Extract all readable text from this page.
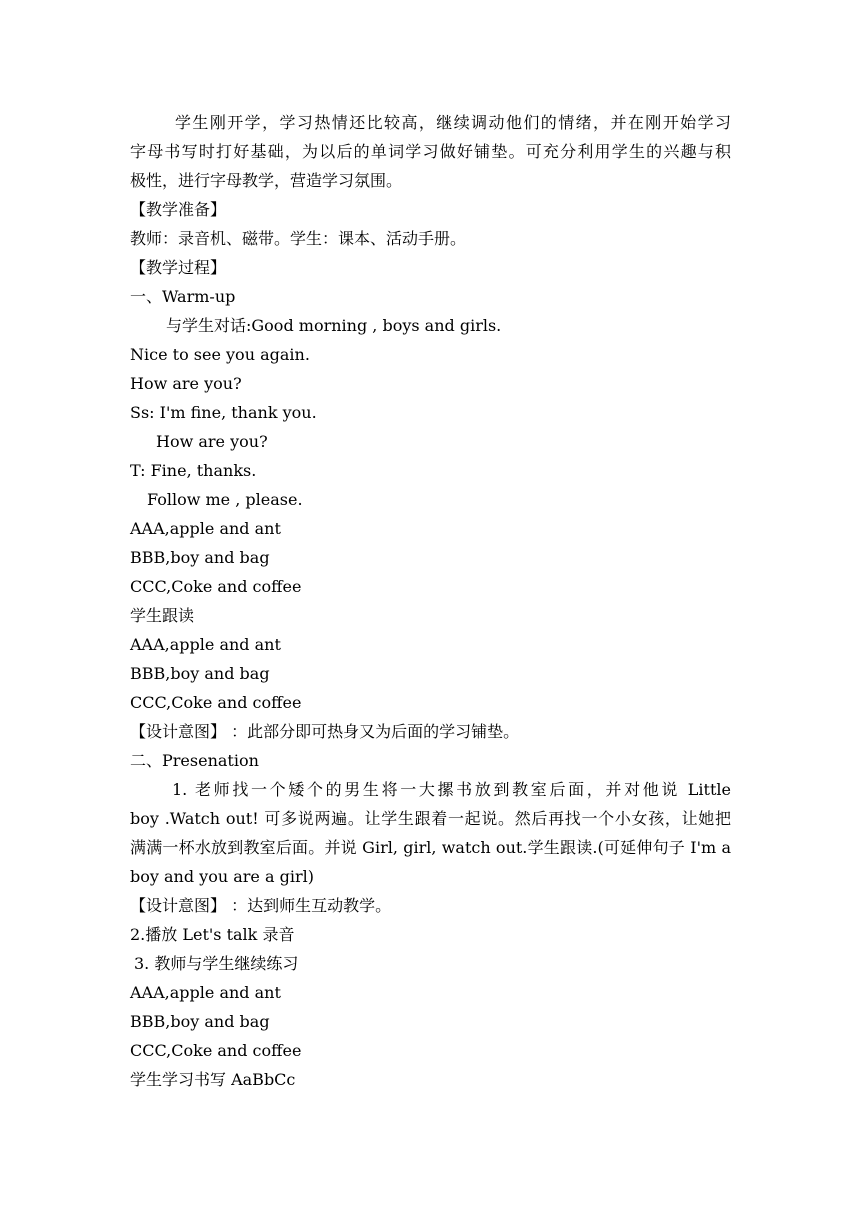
学生刚开学，学习热情还比较高，继续调动他们的情绪，并在刚开始学习
字母书写时打好基础，为以后的单词学习做好铺垫。可充分利用学生的兴趣与积
极性，进行字母教学，营造学习氛围。
【教学准备】
教师：录音机、磁带。学生：课本、活动手册。
【教学过程】
一、Warm-up
与学生对话:Good morning , boys and girls.
Nice to see you again.
How are you?
Ss: I'm fine, thank you.
How are you?
T: Fine, thanks.
Follow me , please.
AAA,apple and ant
BBB,boy and bag
CCC,Coke and coffee
学生跟读
AAA,apple and ant
BBB,boy and bag
CCC,Coke and coffee
【设计意图】 ：此部分即可热身又为后面的学习铺垫。
二、Presenation
1. 老师找一个矮个的男生将一大摞书放到教室后面，并对他说 Little
boy .Watch out! 可多说两遍。让学生跟着一起说。然后再找一个小女孩，让她把
满满一杯水放到教室后面。并说 Girl, girl, watch out.学生跟读.(可延伸句子 I'm a
boy and you are a girl)
【设计意图】 ：达到师生互动教学。
2.播放 Let's talk 录音
3. 教师与学生继续练习
AAA,apple and ant
BBB,boy and bag
CCC,Coke and coffee
学生学习书写 AaBbCc
